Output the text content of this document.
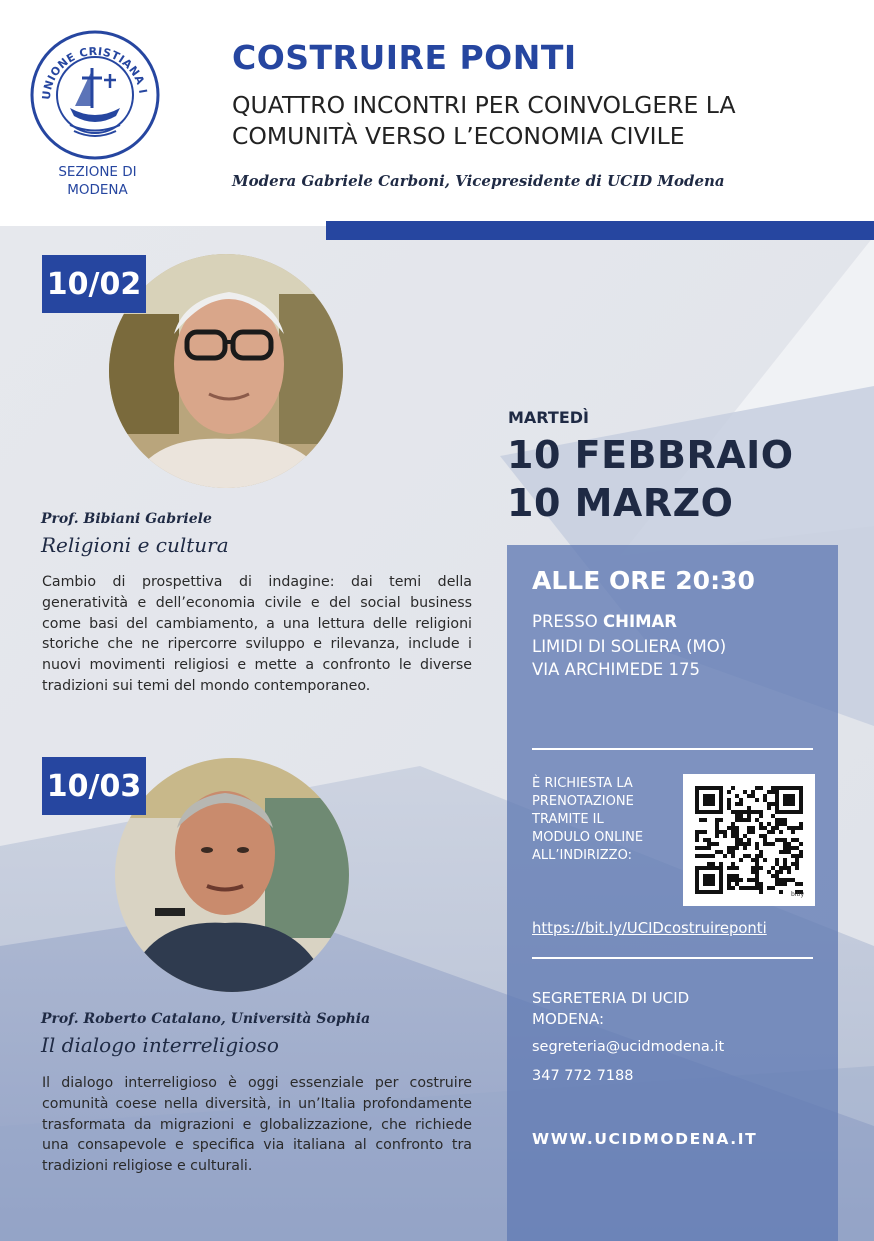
UNIONE CRISTIANA I
SEZIONE DI MODENA
COSTRUIRE PONTI
QUATTRO INCONTRI PER COINVOLGERE LA COMUNITÀ VERSO L’ECONOMIA CIVILE
Modera Gabriele Carboni, Vicepresidente di UCID Modena
10/02
Prof. Bibiani Gabriele
Religioni e cultura
Cambio di prospettiva di indagine: dai temi della generatività e dell’economia civile e del social business come basi del cambiamento, a una lettura delle religioni storiche che ne ripercorre sviluppo e rilevanza, include i nuovi movimenti religiosi e mette a confronto le diverse tradizioni sui temi del mondo contemporaneo.
10/03
Prof. Roberto Catalano, Università Sophia
Il dialogo interreligioso
Il dialogo interreligioso è oggi essenziale per costruire comunità coese nella diversità, in un’Italia profondamente trasformata da migrazioni e globalizzazione, che richiede una consapevole e specifica via italiana al confronto tra tradizioni religiose e culturali.
MARTEDÌ
10 FEBBRAIO
10 MARZO
ALLE ORE 20:30
PRESSO CHIMAR
LIMIDI DI SOLIERA (MO)
VIA ARCHIMEDE 175
È RICHIESTA LA PRENOTAZIONE TRAMITE IL MODULO ONLINE ALL’INDIRIZZO:
bitly
https://bit.ly/UCIDcostruireponti
SEGRETERIA DI UCID MODENA:
segreteria@ucidmodena.it
347 772 7188
WWW.UCIDMODENA.IT
